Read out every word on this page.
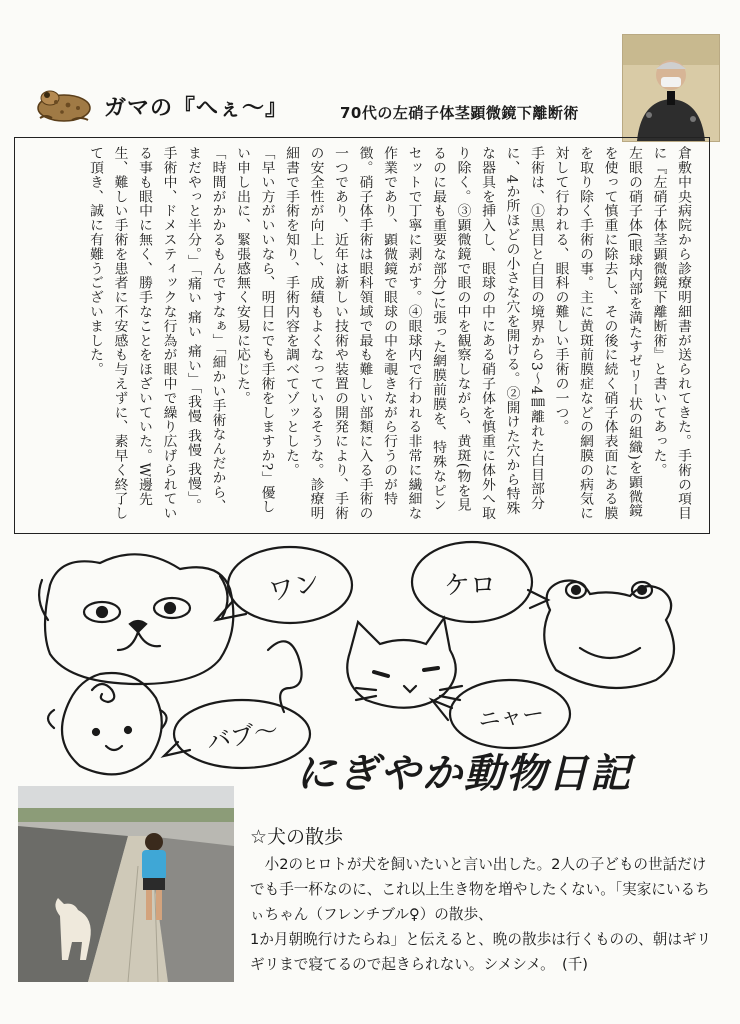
ガマの『へぇ～』	70代の左硝子体茎顕微鏡下離断術

倉敷中央病院から診療明細書が送られてきた。手術の項目に『左硝子体茎顕微鏡下離断術』と書いてあった。

左眼の硝子体(眼球内部を満たすゼリー状の組織)を顕微鏡を使って慎重に除去し、その後に続く硝子体表面にある膜を取り除く手術の事。主に黄斑前膜症などの網膜の病気に対して行われる、眼科の難しい手術の一つ。

手術は、①黒目と白目の境界から3～4㎜離れた白目部分に、4か所ほどの小さな穴を開ける。②開けた穴から特殊な器具を挿入し、眼球の中にある硝子体を慎重に体外へ取り除く。③顕微鏡で眼の中を観察しながら、黄斑(物を見るのに最も重要な部分)に張った網膜前膜を、特殊なピンセットで丁寧に剥がす。④眼球内で行われる非常に繊細な作業であり、顕微鏡で眼球の中を覗きながら行うのが特徴。硝子体手術は眼科領域で最も難しい部類に入る手術の一つであり、近年は新しい技術や装置の開発により、手術の安全性が向上し、成績もよくなっているそうな。診療明細書で手術を知り、手術内容を調べてゾッとした。

「早い方がいいなら、明日にでも手術をしますか?」優しい申し出に、緊張感無く安易に応じた。

「時間がかかるもんですなぁ」「細かい手術なんだから、まだやっと半分。」「痛い 痛い 痛い」「我慢 我慢 我慢」。

手術中、ドメスティックな行為が眼中で繰り広げられている事も眼中に無く、勝手なことをほざいていた。W邊先生、難しい手術を患者に不安感も与えずに、素早く終了して頂き、誠に有難うございました。

ワン	ケロ
ニャー
バブ～
にぎやか動物日記
☆犬の散歩

小2のヒロトが犬を飼いたいと言い出した。2人の子どもの世話だけでも手一杯なのに、これ以上生き物を増やしたくない。「実家にいるちぃちゃん（フレンチブル♀）の散歩、

1か月朝晩行けたらね」と伝えると、晩の散歩は行くものの、朝はギリギリまで寝てるので起きられない。シメシメ。　(千)
